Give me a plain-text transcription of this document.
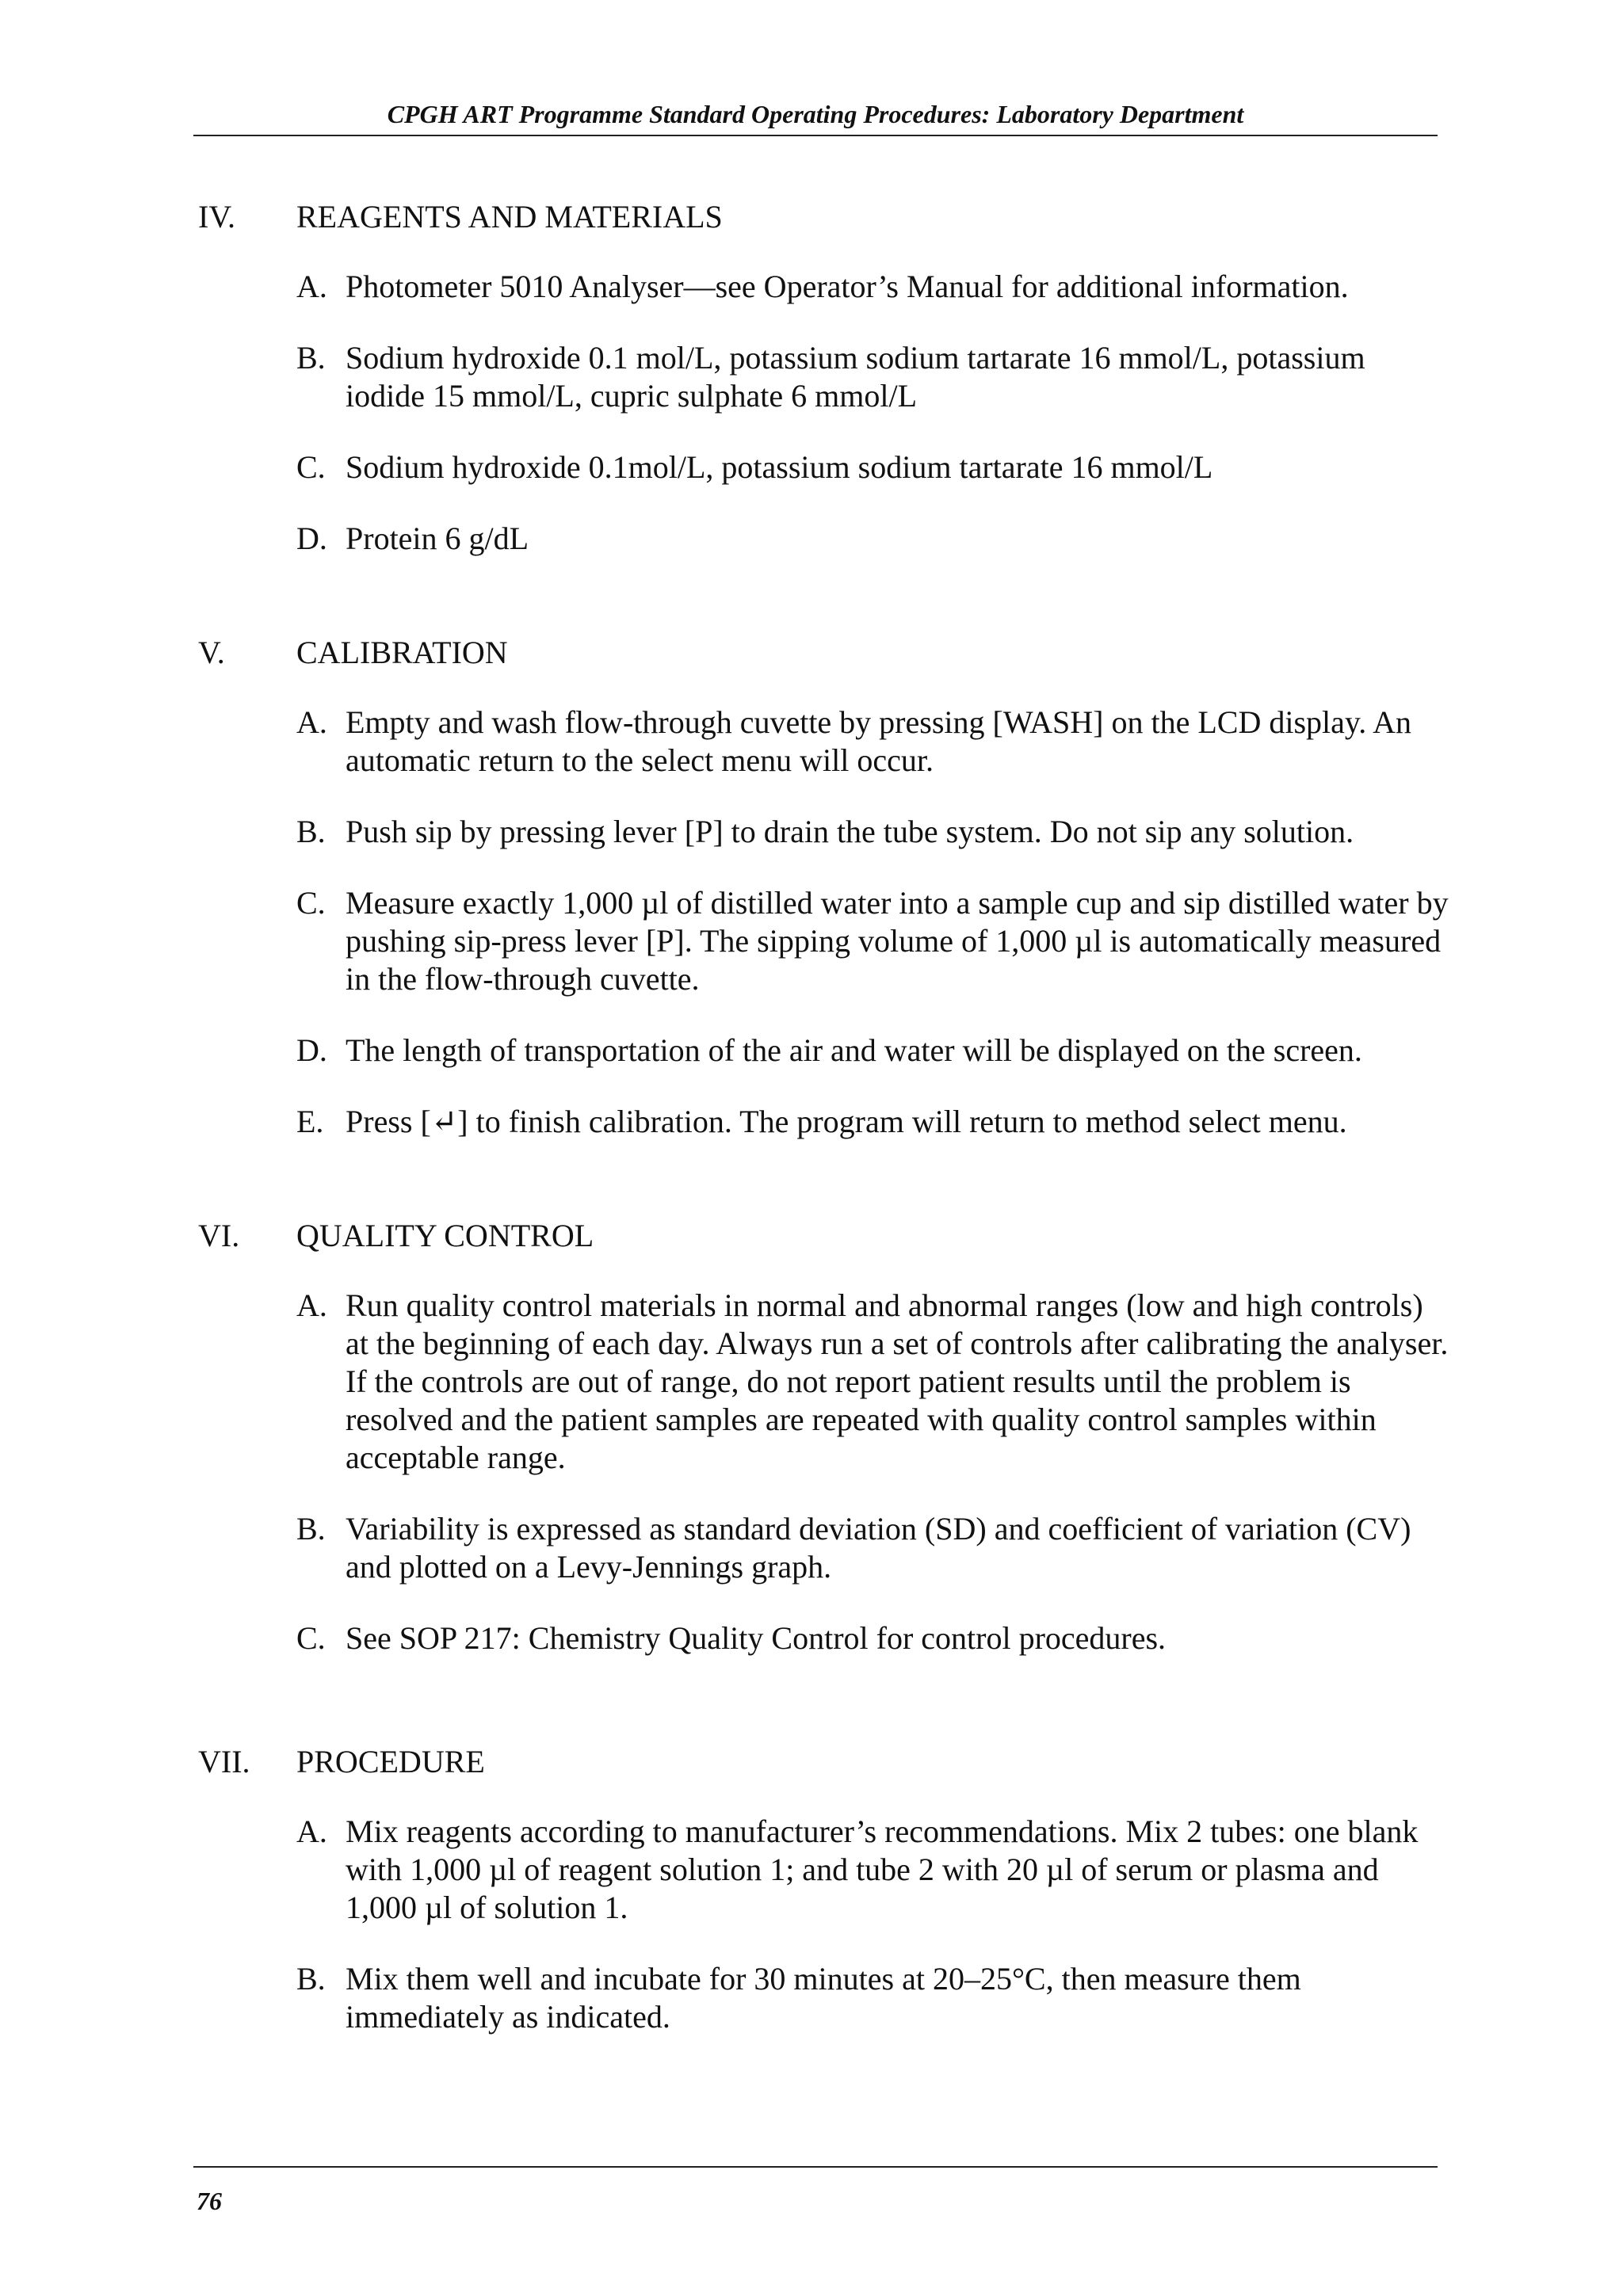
CPGH ART Programme Standard Operating Procedures: Laboratory Department
IV. REAGENTS AND MATERIALS
A. Photometer 5010 Analyser—see Operator’s Manual for additional information.
B. Sodium hydroxide 0.1 mol/L, potassium sodium tartarate 16 mmol/L, potassium iodide 15 mmol/L, cupric sulphate 6 mmol/L
C. Sodium hydroxide 0.1mol/L, potassium sodium tartarate 16 mmol/L
D. Protein 6 g/dL
V. CALIBRATION
A. Empty and wash flow-through cuvette by pressing [WASH] on the LCD display. An automatic return to the select menu will occur.
B. Push sip by pressing lever [P] to drain the tube system. Do not sip any solution.
C. Measure exactly 1,000 µl of distilled water into a sample cup and sip distilled water by pushing sip-press lever [P]. The sipping volume of 1,000 µl is automatically measured in the flow-through cuvette.
D. The length of transportation of the air and water will be displayed on the screen.
E. Press [↵] to finish calibration. The program will return to method select menu.
VI. QUALITY CONTROL
A. Run quality control materials in normal and abnormal ranges (low and high controls) at the beginning of each day. Always run a set of controls after calibrating the analyser. If the controls are out of range, do not report patient results until the problem is resolved and the patient samples are repeated with quality control samples within acceptable range.
B. Variability is expressed as standard deviation (SD) and coefficient of variation (CV) and plotted on a Levy-Jennings graph.
C. See SOP 217: Chemistry Quality Control for control procedures.
VII. PROCEDURE
A. Mix reagents according to manufacturer’s recommendations. Mix 2 tubes: one blank with 1,000 µl of reagent solution 1; and tube 2 with 20 µl of serum or plasma and 1,000 µl of solution 1.
B. Mix them well and incubate for 30 minutes at 20–25°C, then measure them immediately as indicated.
76
